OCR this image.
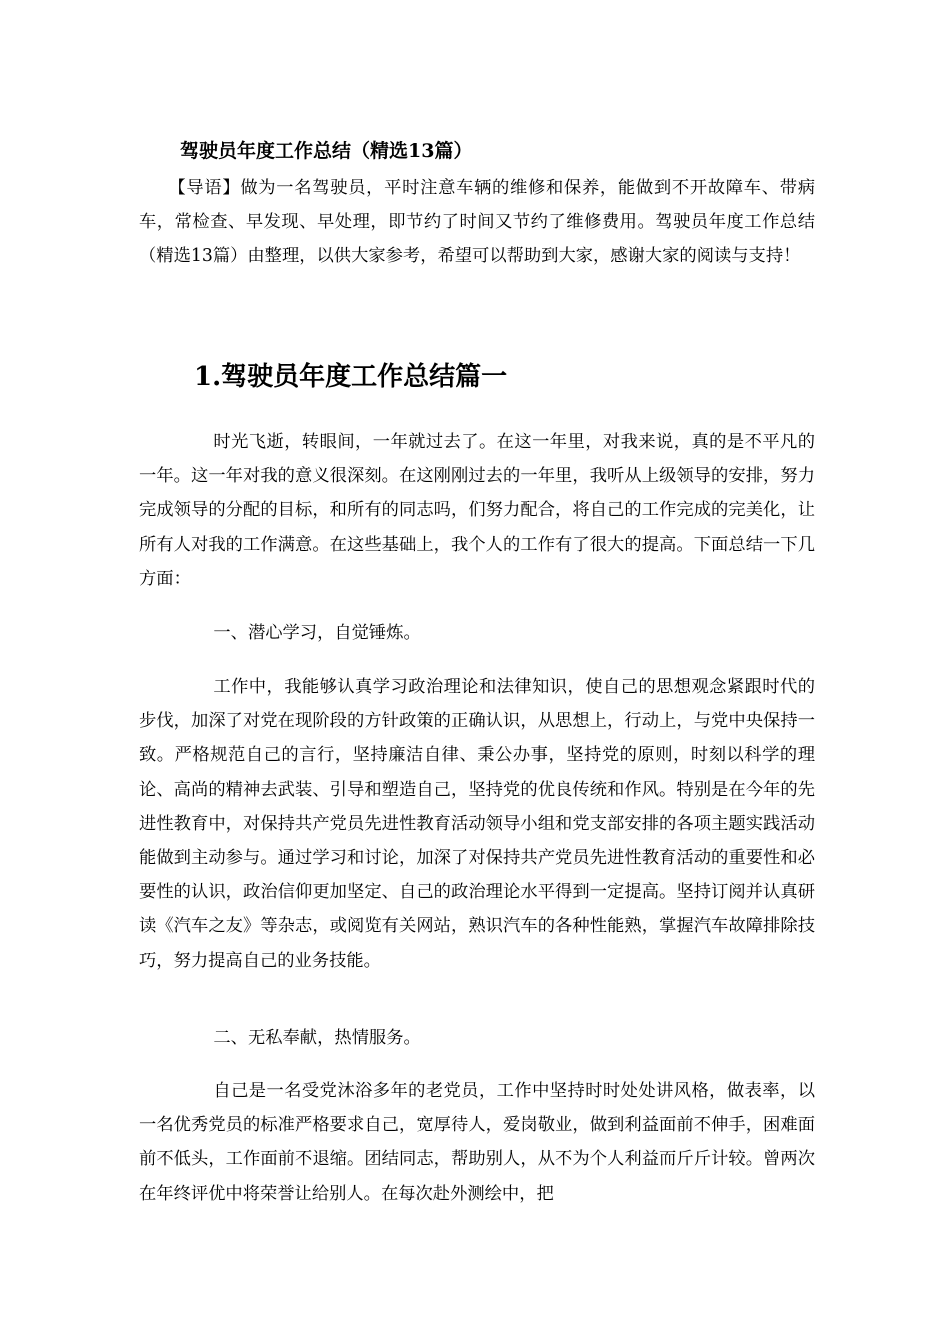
驾驶员年度工作总结（精选13篇）

【导语】做为一名驾驶员，平时注意车辆的维修和保养，能做到不开故障车、带病车，常检查、早发现、早处理，即节约了时间又节约了维修费用。驾驶员年度工作总结（精选13篇）由整理，以供大家参考，希望可以帮助到大家，感谢大家的阅读与支持！

1.驾驶员年度工作总结篇一

时光飞逝，转眼间，一年就过去了。在这一年里，对我来说，真的是不平凡的一年。这一年对我的意义很深刻。在这刚刚过去的一年里，我听从上级领导的安排，努力完成领导的分配的目标，和所有的同志吗，们努力配合，将自己的工作完成的完美化，让所有人对我的工作满意。在这些基础上，我个人的工作有了很大的提高。下面总结一下几方面：

一、潜心学习，自觉锤炼。

工作中，我能够认真学习政治理论和法律知识，使自己的思想观念紧跟时代的步伐，加深了对党在现阶段的方针政策的正确认识，从思想上，行动上，与党中央保持一致。严格规范自己的言行，坚持廉洁自律、秉公办事，坚持党的原则，时刻以科学的理论、高尚的精神去武装、引导和塑造自己，坚持党的优良传统和作风。特别是在今年的先进性教育中，对保持共产党员先进性教育活动领导小组和党支部安排的各项主题实践活动能做到主动参与。通过学习和讨论，加深了对保持共产党员先进性教育活动的重要性和必要性的认识，政治信仰更加坚定、自己的政治理论水平得到一定提高。坚持订阅并认真研读《汽车之友》等杂志，或阅览有关网站，熟识汽车的各种性能熟，掌握汽车故障排除技巧，努力提高自己的业务技能。

二、无私奉献，热情服务。

自己是一名受党沐浴多年的老党员，工作中坚持时时处处讲风格，做表率，以一名优秀党员的标准严格要求自己，宽厚待人，爱岗敬业，做到利益面前不伸手，困难面前不低头，工作面前不退缩。团结同志，帮助别人，从不为个人利益而斤斤计较。曾两次在年终评优中将荣誉让给别人。在每次赴外测绘中，把
